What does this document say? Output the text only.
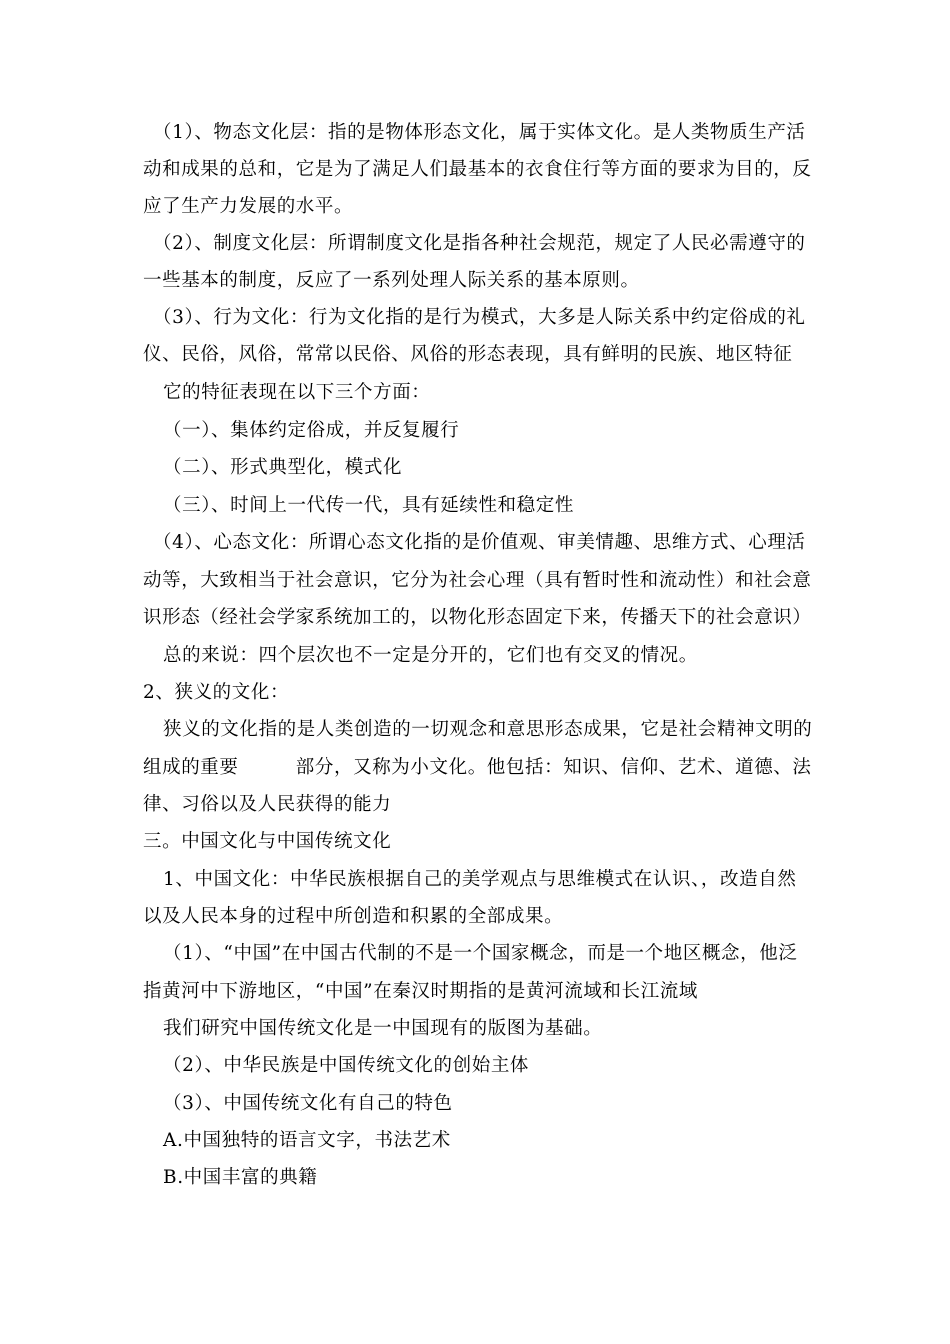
（1）、物态文化层：指的是物体形态文化，属于实体文化。是人类物质生产活
动和成果的总和，它是为了满足人们最基本的衣食住行等方面的要求为目的，反
应了生产力发展的水平。
（2）、制度文化层：所谓制度文化是指各种社会规范，规定了人民必需遵守的
一些基本的制度，反应了一系列处理人际关系的基本原则。
（3）、行为文化：行为文化指的是行为模式，大多是人际关系中约定俗成的礼
仪、民俗，风俗，常常以民俗、风俗的形态表现，具有鲜明的民族、地区特征
它的特征表现在以下三个方面：
（一）、集体约定俗成，并反复履行
（二）、形式典型化，模式化
（三）、时间上一代传一代，具有延续性和稳定性
（4）、心态文化：所谓心态文化指的是价值观、审美情趣、思维方式、心理活
动等，大致相当于社会意识，它分为社会心理（具有暂时性和流动性）和社会意
识形态（经社会学家系统加工的，以物化形态固定下来，传播天下的社会意识）
总的来说：四个层次也不一定是分开的，它们也有交叉的情况。
2、狭义的文化：
狭义的文化指的是人类创造的一切观念和意思形态成果，它是社会精神文明的
组成的重要　　　部分，又称为小文化。他包括：知识、信仰、艺术、道德、法
律、习俗以及人民获得的能力
三。中国文化与中国传统文化
1、中国文化：中华民族根据自己的美学观点与思维模式在认识、，改造自然
以及人民本身的过程中所创造和积累的全部成果。
（1）、“中国”在中国古代制的不是一个国家概念，而是一个地区概念，他泛
指黄河中下游地区，“中国”在秦汉时期指的是黄河流域和长江流域
我们研究中国传统文化是一中国现有的版图为基础。
（2）、中华民族是中国传统文化的创始主体
（3）、中国传统文化有自己的特色
A.中国独特的语言文字，书法艺术
B.中国丰富的典籍
